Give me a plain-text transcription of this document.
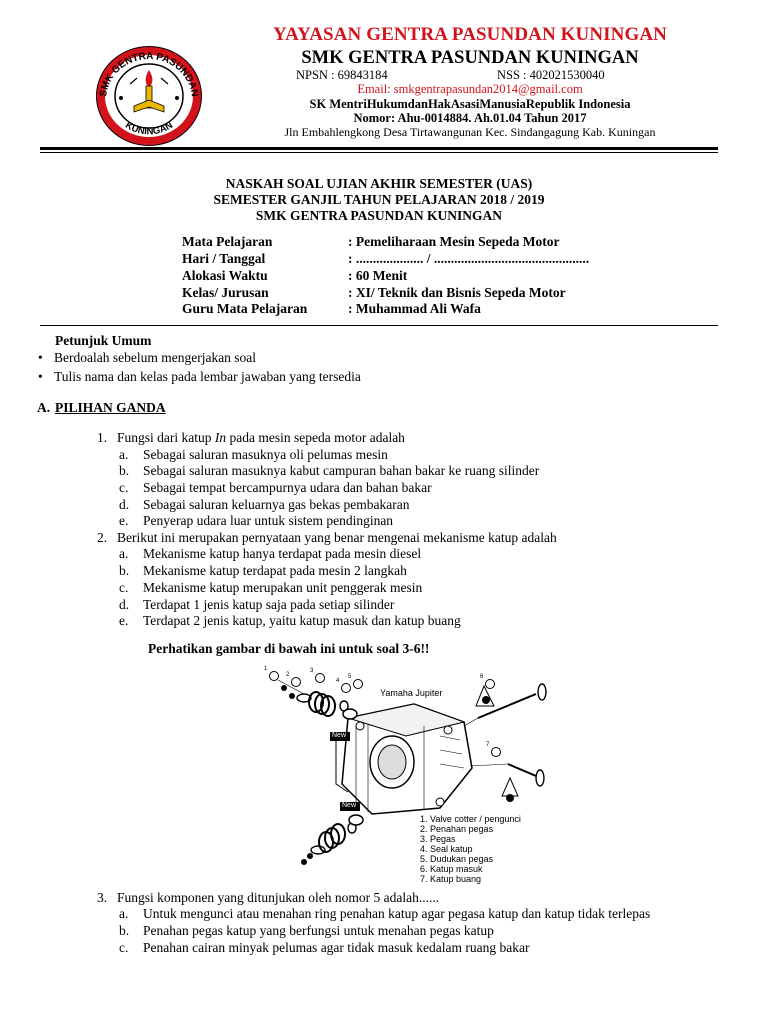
SMK GENTRA PASUNDAN
KUNINGAN
YAYASAN GENTRA PASUNDAN KUNINGAN
SMK GENTRA PASUNDAN KUNINGAN
NPSN : 69843184	NSS : 402021530040
Email: smkgentrapasundan2014@gmail.com
SK MentriHukumdanHakAsasiManusiaRepublik Indonesia
Nomor: Ahu-0014884. Ah.01.04 Tahun 2017
Jln Embahlengkong Desa Tirtawangunan Kec. Sindangagung Kab. Kuningan
NASKAH SOAL UJIAN AKHIR SEMESTER (UAS)
SEMESTER GANJIL TAHUN PELAJARAN 2018 / 2019
SMK GENTRA PASUNDAN KUNINGAN
Mata Pelajaran	: Pemeliharaan Mesin Sepeda Motor
Hari / Tanggal	: .................... / ..............................................
Alokasi Waktu	: 60 Menit
Kelas/ Jurusan	: XI/ Teknik dan Bisnis Sepeda Motor
Guru Mata Pelajaran	: Muhammad Ali Wafa
Petunjuk Umum
• Berdoalah sebelum mengerjakan soal
• Tulis nama dan kelas pada lembar jawaban yang tersedia
A. PILIHAN GANDA
1. Fungsi dari katup In pada mesin sepeda motor adalah
a.	Sebagai saluran masuknya oli pelumas mesin
b.	Sebagai saluran masuknya kabut campuran bahan bakar ke ruang silinder
c.	Sebagai tempat bercampurnya udara dan bahan bakar
d.	Sebagai saluran keluarnya gas bekas pembakaran
e.	Penyerap udara luar untuk sistem pendinginan
2. Berikut ini merupakan pernyataan yang benar mengenai mekanisme katup adalah
a.	Mekanisme katup hanya terdapat pada mesin diesel
b.	Mekanisme katup terdapat pada mesin 2 langkah
c.	Mekanisme katup merupakan unit penggerak mesin
d.	Terdapat 1 jenis katup saja pada setiap silinder
e.	Terdapat 2 jenis katup, yaitu katup masuk dan katup buang
Perhatikan gambar di bawah ini untuk soal 3-6!!
1
2
3
4
5	6
7
Yamaha Jupiter
New
New
1. Valve cotter / pengunci
2. Penahan pegas
3. Pegas
4. Seal katup
5. Dudukan pegas
6. Katup masuk
7. Katup buang
3. Fungsi komponen yang ditunjukan oleh nomor 5 adalah......
a.	Untuk mengunci atau menahan ring penahan katup agar pegasa katup dan katup tidak terlepas
b.	Penahan pegas katup yang berfungsi untuk menahan pegas katup
c.	Penahan cairan minyak pelumas agar tidak masuk kedalam ruang bakar
